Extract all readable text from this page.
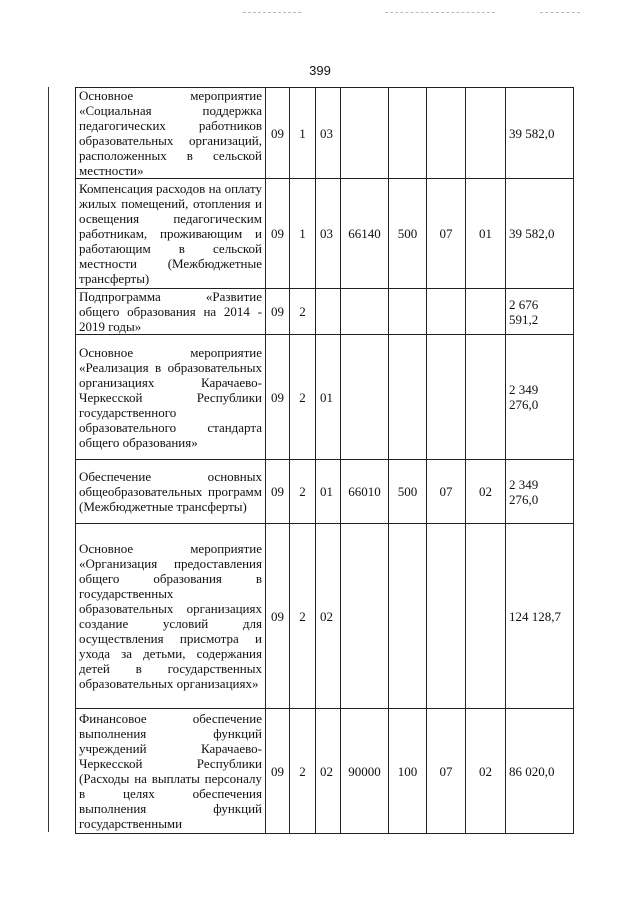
399
Основное мероприятие «Социальная поддержка педагогических работников образовательных организаций, расположенных в сельской местности»	09	1	03					39 582,0
Компенсация расходов на оплату жилых помещений, отопления и освещения педагогическим работникам, проживающим и работающим в сельской местности (Межбюджетные трансферты)	09	1	03	66140	500	07	01	39 582,0
Подпрограмма «Развитие общего образования на 2014 - 2019 годы»	09	2						2 676 591,2
Основное мероприятие «Реализация в образовательных организациях Карачаево-Черкесской Республики государственного образовательного стандарта общего образования»	09	2	01					2 349 276,0
Обеспечение основных общеобразовательных программ (Межбюджетные трансферты)	09	2	01	66010	500	07	02	2 349 276,0
Основное мероприятие «Организация предоставления общего образования в государственных образовательных организациях создание условий для осуществления присмотра и ухода за детьми, содержания детей в государственных образовательных организациях»	09	2	02					124 128,7
Финансовое обеспечение выполнения функций учреждений Карачаево-Черкесской Республики (Расходы на выплаты персоналу в целях обеспечения выполнения функций государственными	09	2	02	90000	100	07	02	86 020,0
